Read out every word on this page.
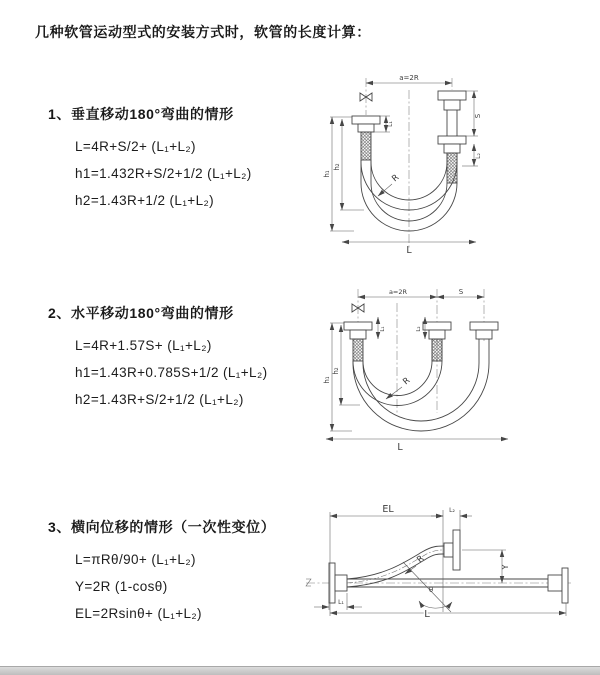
几种软管运动型式的安装方式时，软管的长度计算：
1、垂直移动180°弯曲的情形
L=4R+S/2+ (L₁+L₂)
h1=1.432R+S/2+1/2 (L₁+L₂)
h2=1.43R+1/2 (L₁+L₂)
a=2R
S
L₂
L₁
h₁
h₂
R
L
2、水平移动180°弯曲的情形
L=4R+1.57S+ (L₁+L₂)
h1=1.43R+0.785S+1/2 (L₁+L₂)
h2=1.43R+S/2+1/2 (L₁+L₂)
a=2R	S
L₁	L₂
h₁
h₂
R
L
3、横向位移的情形（一次性变位）
L=πRθ/90+ (L₁+L₂)
Y=2R (1-cosθ)
EL=2Rsinθ+ (L₁+L₂)
θ
EL	L₂
Y
L₁
L
R
